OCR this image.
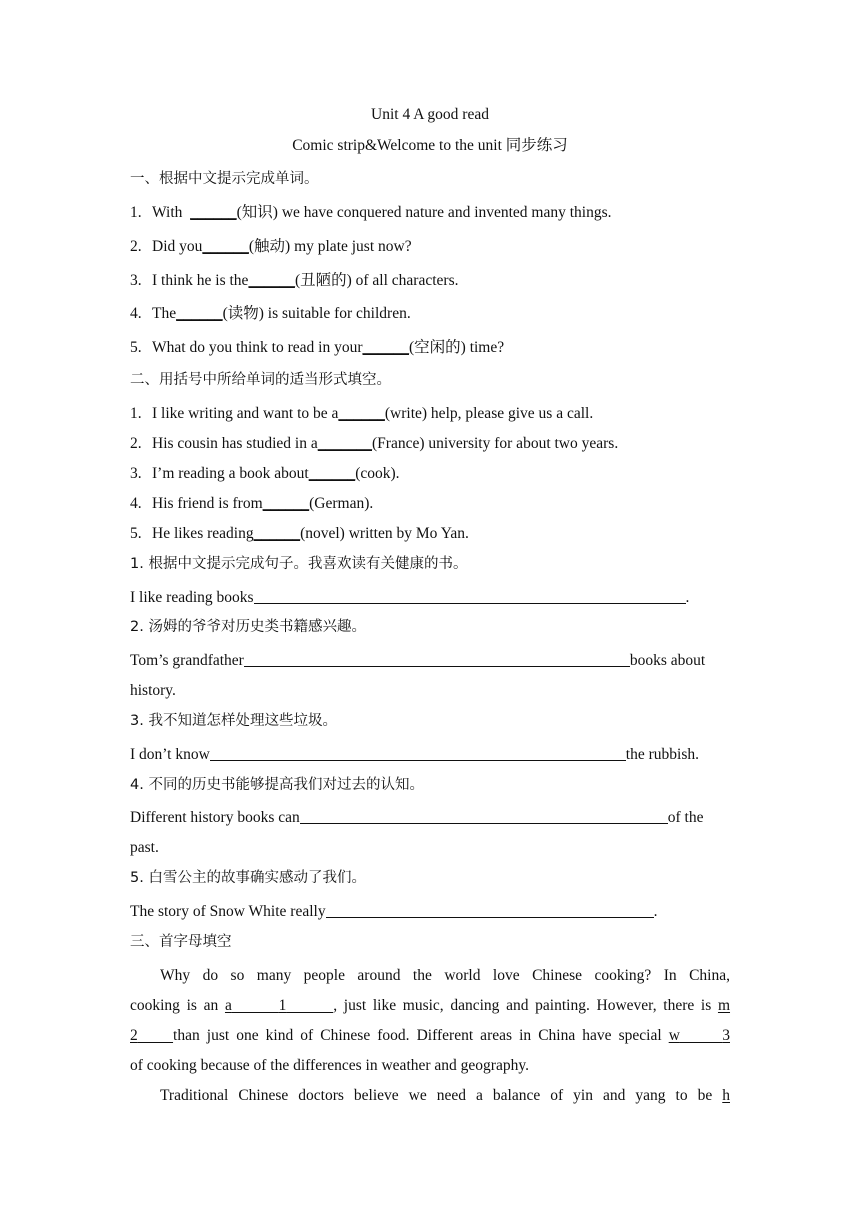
Unit 4 A good read
Comic strip&Welcome to the unit 同步练习
一、根据中文提示完成单词。
1. With  ______(知识) we have conquered nature and invented many things.
2. Did you______(触动) my plate just now?
3. I think he is the______(丑陋的) of all characters.
4. The______(读物) is suitable for children.
5. What do you think to read in your______(空闲的) time?
二、用括号中所给单词的适当形式填空。
1. I like writing and want to be a______(write) help, please give us a call.
2. His cousin has studied in a_______(France) university for about two years.
3. I’m reading a book about______(cook).
4. His friend is from______(German).
5. He likes reading______(novel) written by Mo Yan.
1. 根据中文提示完成句子。我喜欢读有关健康的书。
I like reading books	.
2. 汤姆的爷爷对历史类书籍感兴趣。
Tom’s grandfather	books about
history.
3. 我不知道怎样处理这些垃圾。
I don’t know	the rubbish.
4. 不同的历史书能够提高我们对过去的认知。
Different history books can	of the
past.
5. 白雪公主的故事确实感动了我们。
The story of Snow White really	.
三、首字母填空
Why do so many people around the world love Chinese cooking? In China,
cooking is an a	1	, just like music, dancing and painting. However, there is m
2 than just one kind of Chinese food. Different areas in China have special w	3
of cooking because of the differences in weather and geography.
Traditional Chinese doctors believe we need a balance of yin and yang to be h
